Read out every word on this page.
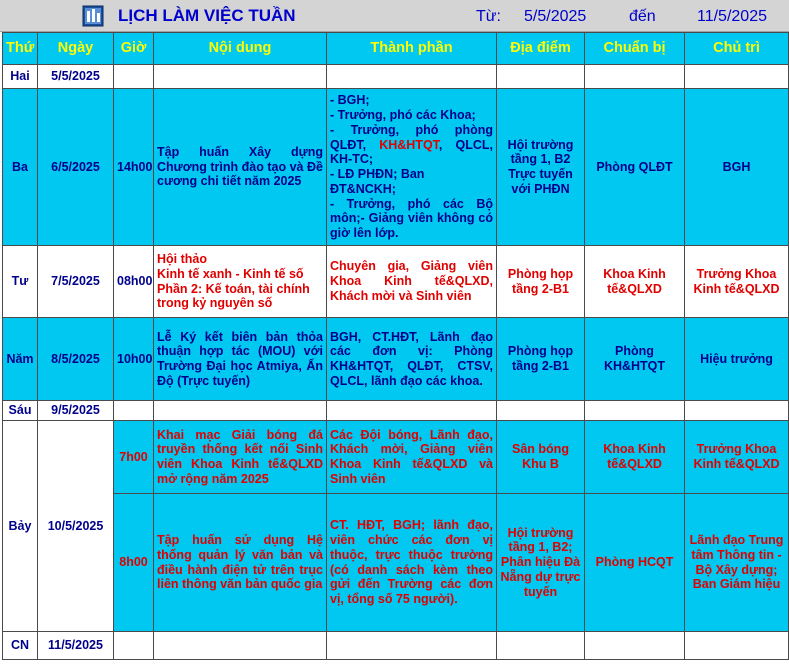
LỊCH LÀM VIỆC TUẦN	Từ: 5/5/2025	đến	11/5/2025
Thứ	Ngày	Giờ	Nội dung	Thành phần	Địa điểm	Chuẩn bị	Chủ trì
Hai	5/5/2025						
Ba	6/5/2025	14h00	Tập huấn Xây dựng Chương trình đào tạo và Đề cương chi tiết năm 2025	- BGH;
- Trưởng, phó các Khoa;
- Trưởng, phó phòng QLĐT, KH&HTQT, QLCL, KH-TC;
- LĐ PHĐN; Ban ĐT&NCKH;
- Trưởng, phó các Bộ môn;- Giảng viên không có giờ lên lớp.	Hội trường tầng 1, B2 Trực tuyến với PHĐN	Phòng QLĐT	BGH
Tư	7/5/2025	08h00	Hội thảo
Kinh tế xanh - Kinh tế số
Phần 2: Kế toán, tài chính trong kỷ nguyên số	Chuyên gia, Giảng viên Khoa Kinh tế&QLXD, Khách mời và Sinh viên	Phòng họp tầng 2-B1	Khoa Kinh tế&QLXD	Trưởng Khoa Kinh tế&QLXD
Năm	8/5/2025	10h00	Lễ Ký kết biên bản thỏa thuận hợp tác (MOU) với Trường Đại học Atmiya, Ấn Độ (Trực tuyến)	BGH, CT.HĐT, Lãnh đạo các đơn vị: Phòng KH&HTQT, QLĐT, CTSV, QLCL, lãnh đạo các khoa.	Phòng họp tầng 2-B1	Phòng KH&HTQT	Hiệu trưởng
Sáu	9/5/2025						
Bảy	10/5/2025	7h00	Khai mạc Giải bóng đá truyền thống kết nối Sinh viên Khoa Kinh tế&QLXD mở rộng năm 2025	Các Đội bóng, Lãnh đạo, Khách mời, Giảng viên Khoa Kinh tế&QLXD và Sinh viên	Sân bóng Khu B	Khoa Kinh tế&QLXD	Trưởng Khoa Kinh tế&QLXD
		8h00	Tập huấn sử dụng Hệ thống quản lý văn bản và điều hành điện tử trên trục liên thông văn bản quốc gia	CT. HĐT, BGH; lãnh đạo, viên chức các đơn vị thuộc, trực thuộc trường (có danh sách kèm theo gửi đến Trường các đơn vị, tổng số 75 người).	Hội trường tầng 1, B2; Phân hiệu Đà Nẵng dự trực tuyến	Phòng HCQT	Lãnh đạo Trung tâm Thông tin - Bộ Xây dựng; Ban Giám hiệu
CN	11/5/2025						
